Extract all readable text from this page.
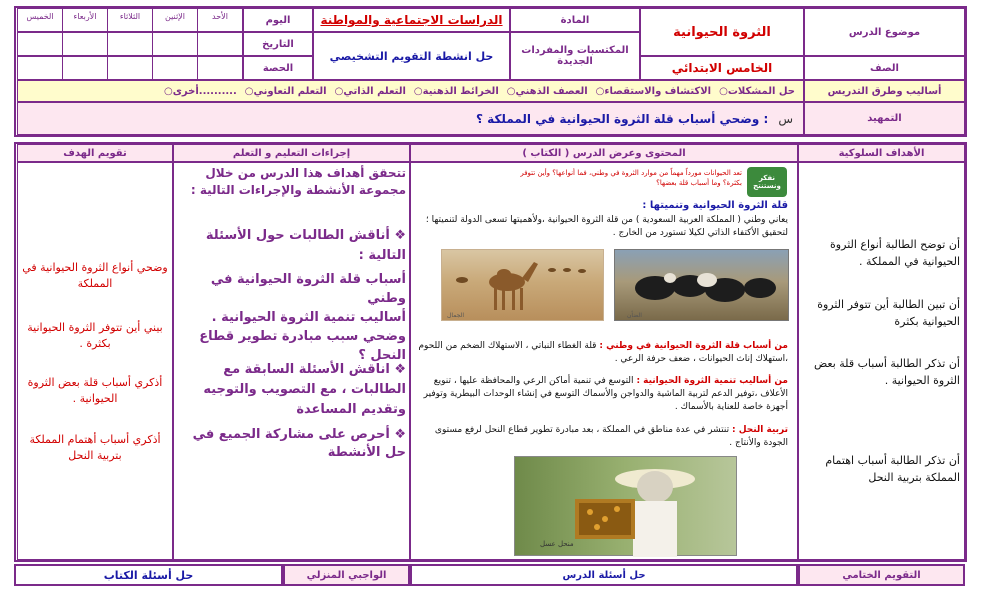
موضوع الدرس
الثروة الحيوانية
المادة
الدراسات الاجتماعية والمواطنة
اليوم
الأحد
الإثنين
الثلاثاء
الأربعاء
الخميس
المكتسبات والمفردات الجديدة
حل انشطة التقويم التشخيصي
التاريخ
الحصة	الصف
الخامس الابتدائي
أساليب وطرق التدريس
○حل المشكلات
○الاكتشاف والاستقصاء
○العصف الذهني
○الخرائط الذهنية
○التعلم الذاتي
○التعلم التعاوني
○أخرى..........
التمهيد
س
: وضحي أسباب قلة الثروة الحيوانية في المملكة ؟
الأهداف السلوكية
المحتوى وعرض الدرس ( الكتاب )
إجراءات التعليم و التعلم
تقويم الهدف
أن توضح الطالبة أنواع الثروة الحيوانية في المملكة .
أن تبين الطالبة أين تتوفر الثروة الحيوانية بكثرة
أن تذكر الطالبة أسباب قلة بعض الثروة الحيوانية .
أن تذكر الطالبة أسباب اهتمام المملكة بتربية النحل
نفكر ونستنتج
تعد الحيوانات مورداً مهماً من موارد الثروة في وطني، فما أنواعها؟ وأين تتوفر بكثرة؟ وما أسباب قلة بعضها؟
قلة الثروة الحيوانية وتنميتها :
يعاني وطني ( المملكة العربية السعودية ) من قلة الثروة الحيوانية ،ولأهميتها تسعى الدولة لتنميتها ؛ لتحقيق الأكتفاء الذاتي لكيلا تستورد من الخارج .
الجمال	الضأن
من أسباب قلة الثروة الحيوانية في وطني : قلة الغطاء النباتي ، الاستهلاك الضخم من اللحوم ،استهلاك إناث الحيوانات ، ضعف حرفة الرعي .
من أساليب تنمية الثروة الحيوانية : التوسع في تنمية أماكن الرعي والمحافظة عليها ، تنويع الأعلاف ،توفير الدعم لتربية الماشية والدواجن والأسماك التوسع في إنشاء الوحدات البيطرية وتوفير أجهزة خاصة للعناية بالأسماك .
تربية النحل : تنتشر في عدة مناطق في المملكة ، بعد مبادرة تطوير قطاع النحل لرفع مستوى الجودة والأنتاج .
منحل عسل
تتحقق أهداف هذا الدرس من خلال مجموعة الأنشطة والإجراءات التالية :
❖ أناقش الطالبات حول الأسئلة التالية :
أسباب قلة الثروة الحيوانية في وطني
أساليب تنمية الثروة الحيوانية .
وضحي سبب مبادرة تطوير قطاع النحل ؟
❖ اناقش الأسئلة السابقة مع الطالبات ، مع التصويب والتوجيه وتقديم المساعدة
❖ أحرص على مشاركة الجميع في حل الأنشطة
وضحي أنواع الثروة الحيوانية في المملكة
بيني أين تتوفر الثروة الحيوانية بكثرة .
أذكري أسباب قلة بعض الثروة الحيوانية .
أذكري أسباب أهتمام المملكة بتربية النحل
التقويم الختامي
حل أسئلة الدرس
الواجبي المنزلي
حل أسئلة الكتاب
